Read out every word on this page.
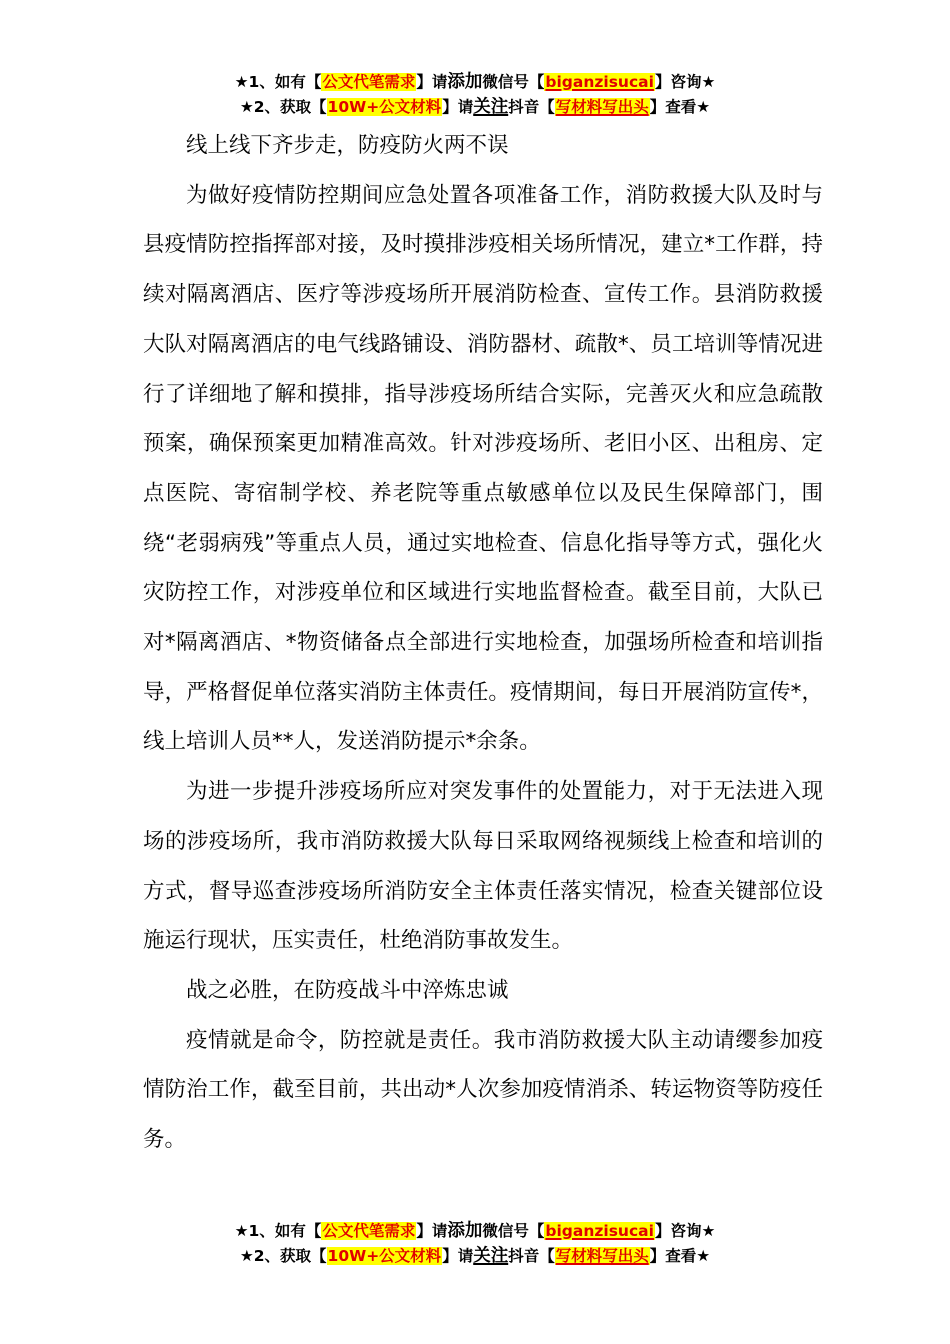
★1、如有【公文代笔需求】请添加微信号【biganzisucai】咨询★
★2、获取【10W+公文材料】请关注抖音【写材料写出头】查看★

线上线下齐步走，防疫防火两不误

为做好疫情防控期间应急处置各项准备工作，消防救援大队及时与县疫情防控指挥部对接，及时摸排涉疫相关场所情况，建立*工作群，持续对隔离酒店、医疗等涉疫场所开展消防检查、宣传工作。县消防救援大队对隔离酒店的电气线路铺设、消防器材、疏散*、员工培训等情况进行了详细地了解和摸排，指导涉疫场所结合实际，完善灭火和应急疏散预案，确保预案更加精准高效。针对涉疫场所、老旧小区、出租房、定点医院、寄宿制学校、养老院等重点敏感单位以及民生保障部门，围绕“老弱病残”等重点人员，通过实地检查、信息化指导等方式，强化火灾防控工作，对涉疫单位和区域进行实地监督检查。截至目前，大队已对*隔离酒店、*物资储备点全部进行实地检查，加强场所检查和培训指导，严格督促单位落实消防主体责任。疫情期间，每日开展消防宣传*，线上培训人员**人，发送消防提示*余条。

为进一步提升涉疫场所应对突发事件的处置能力，对于无法进入现场的涉疫场所，我市消防救援大队每日采取网络视频线上检查和培训的方式，督导巡查涉疫场所消防安全主体责任落实情况，检查关键部位设施运行现状，压实责任，杜绝消防事故发生。

战之必胜，在防疫战斗中淬炼忠诚

疫情就是命令，防控就是责任。我市消防救援大队主动请缨参加疫情防治工作，截至目前，共出动*人次参加疫情消杀、转运物资等防疫任务。

★1、如有【公文代笔需求】请添加微信号【biganzisucai】咨询★
★2、获取【10W+公文材料】请关注抖音【写材料写出头】查看★
